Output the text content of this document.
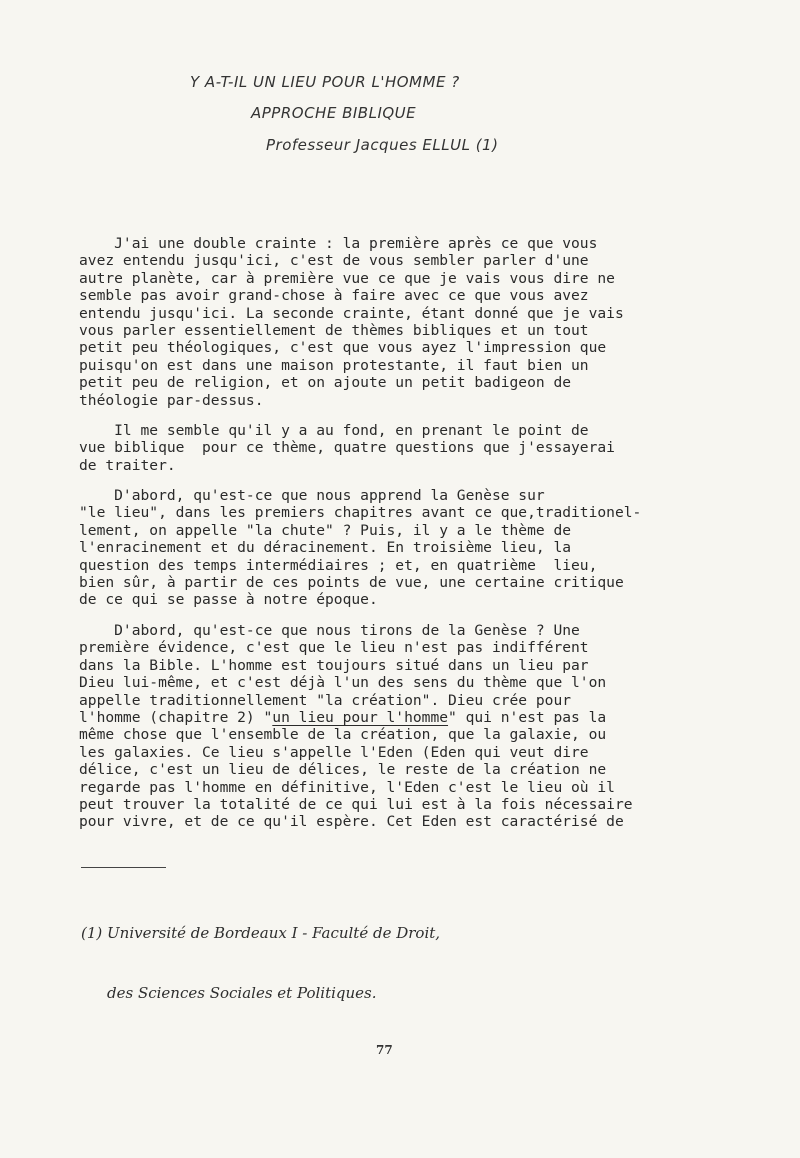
Y A-T-IL UN LIEU POUR L'HOMME ?
APPROCHE BIBLIQUE
Professeur Jacques ELLUL (1)
J'ai une double crainte : la première après ce que vous
avez entendu jusqu'ici, c'est de vous sembler parler d'une
autre planète, car à première vue ce que je vais vous dire ne
semble pas avoir grand-chose à faire avec ce que vous avez
entendu jusqu'ici. La seconde crainte, étant donné que je vais
vous parler essentiellement de thèmes bibliques et un tout
petit peu théologiques, c'est que vous ayez l'impression que
puisqu'on est dans une maison protestante, il faut bien un
petit peu de religion, et on ajoute un petit badigeon de
théologie par-dessus.
Il me semble qu'il y a au fond, en prenant le point de
vue biblique  pour ce thème, quatre questions que j'essayerai
de traiter.
D'abord, qu'est-ce que nous apprend la Genèse sur
"le lieu", dans les premiers chapitres avant ce que,traditionel-
lement, on appelle "la chute" ? Puis, il y a le thème de
l'enracinement et du déracinement. En troisième lieu, la
question des temps intermédiaires ; et, en quatrième  lieu,
bien sûr, à partir de ces points de vue, une certaine critique
de ce qui se passe à notre époque.
D'abord, qu'est-ce que nous tirons de la Genèse ? Une
première évidence, c'est que le lieu n'est pas indifférent
dans la Bible. L'homme est toujours situé dans un lieu par
Dieu lui-même, et c'est déjà l'un des sens du thème que l'on
appelle traditionnellement "la création". Dieu crée pour
l'homme (chapitre 2) "un lieu pour l'homme" qui n'est pas la
même chose que l'ensemble de la création, que la galaxie, ou
les galaxies. Ce lieu s'appelle l'Eden (Eden qui veut dire
délice, c'est un lieu de délices, le reste de la création ne
regarde pas l'homme en définitive, l'Eden c'est le lieu où il
peut trouver la totalité de ce qui lui est à la fois nécessaire
pour vivre, et de ce qu'il espère. Cet Eden est caractérisé de

(1) Université de Bordeaux I - Faculté de Droit,

des Sciences Sociales et Politiques.

77
